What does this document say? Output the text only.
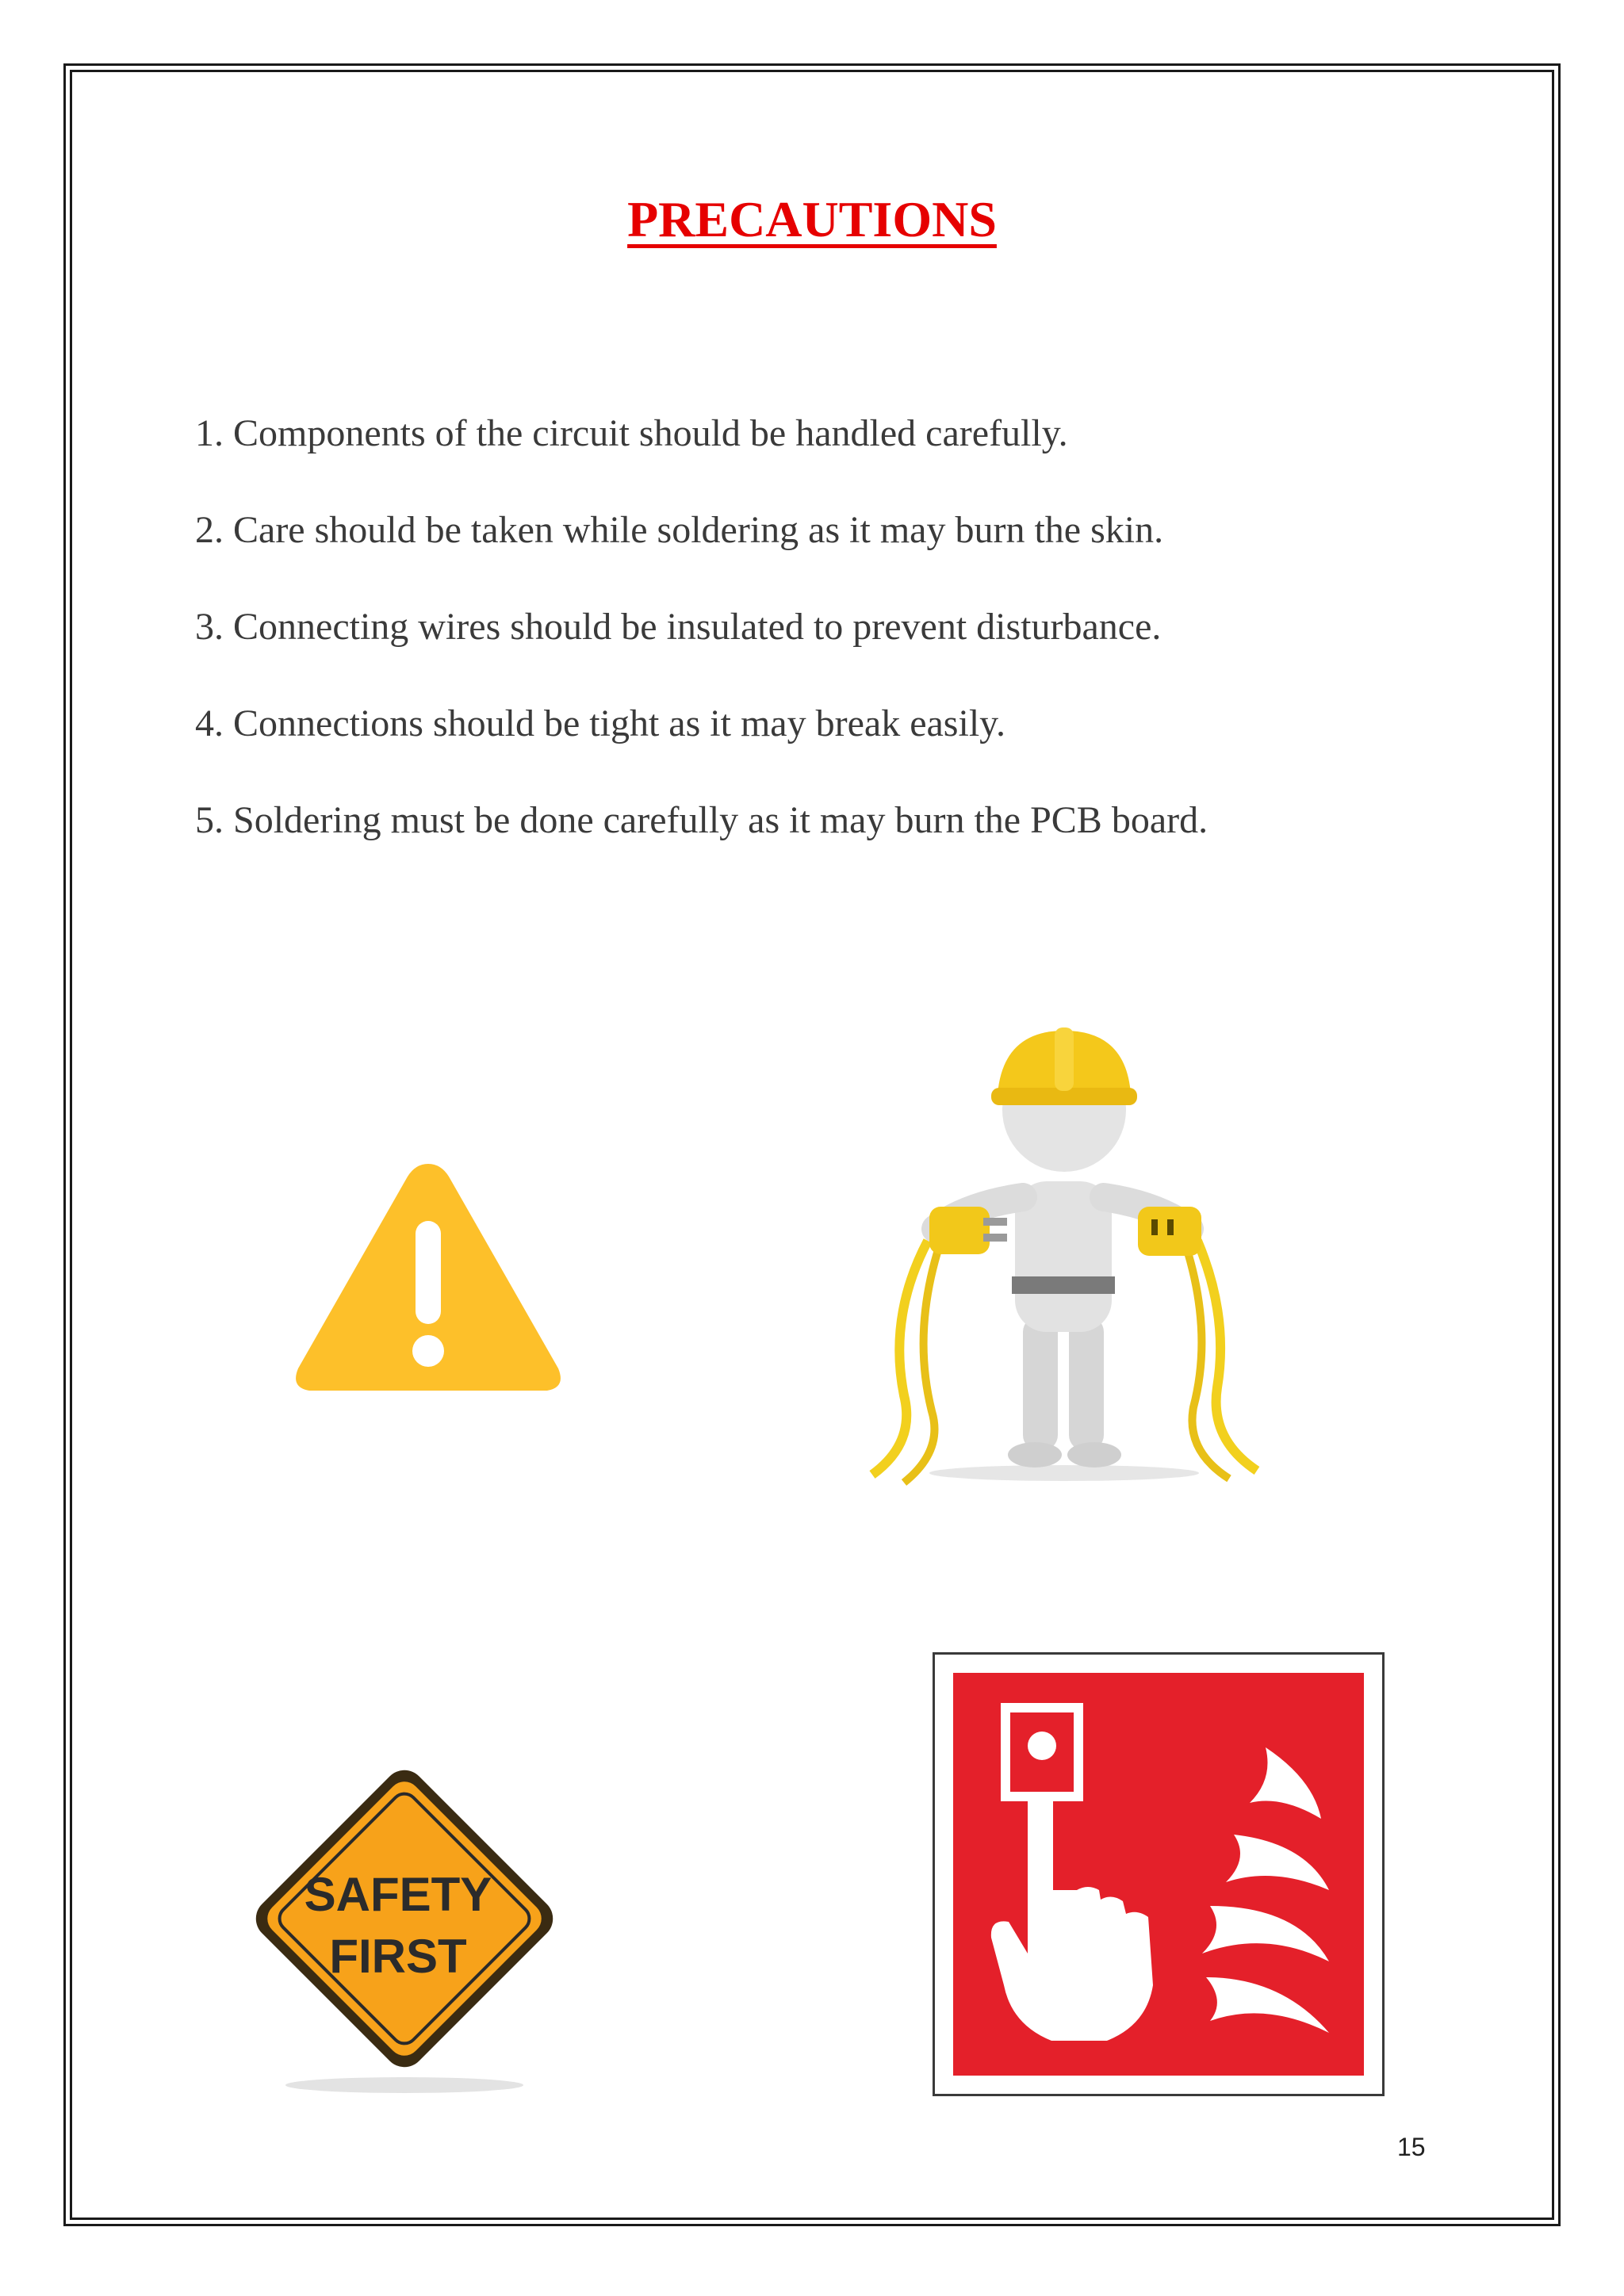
PRECAUTIONS
1. Components of the circuit should be handled carefully.
2. Care should be taken while soldering as it may burn the skin.
3. Connecting wires should be insulated to prevent disturbance.
4. Connections should be tight as it may break easily.
5. Soldering must be done carefully as it may burn the PCB board.
SAFETY
FIRST
15
